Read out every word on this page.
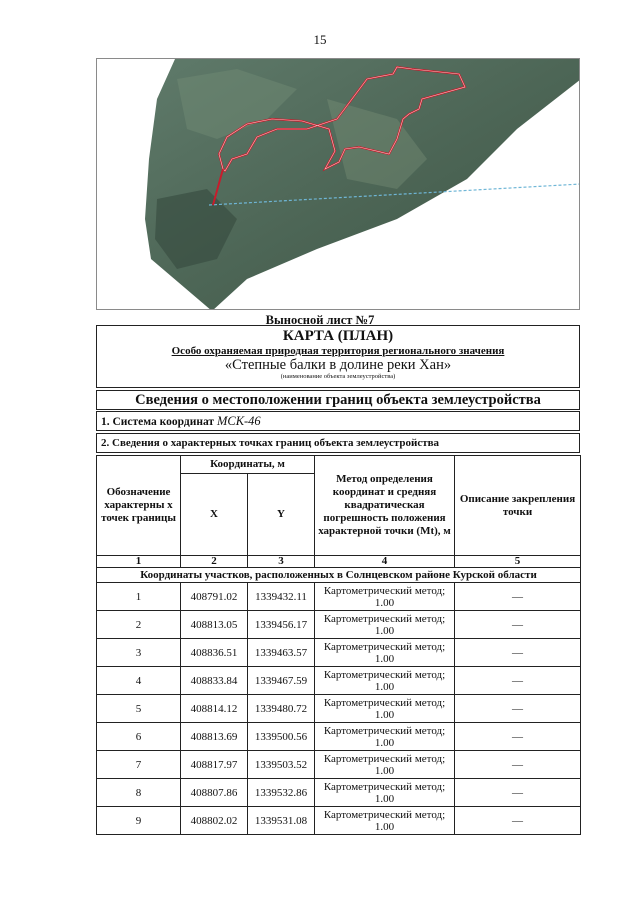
15
Выносной лист №7
КАРТА (ПЛАН)
Особо охраняемая природная территория регионального значения
«Степные балки в долине реки Хан»
(наименование объекта землеустройства)
Сведения о местоположении границ объекта землеустройства
1. Система координат МСК-46
2. Сведения о характерных точках границ объекта землеустройства
Обозначение характерны х точек границы	Координаты, м		Метод определения координат и средняя квадратическая погрешность положения характерной точки (Mt), м	Описание закрепления точки
	X	Y		
1	2	3	4	5
Координаты участков, расположенных в Солнцевском районе Курской области				
1	408791.02	1339432.11	Картометрический метод; 1.00	—
2	408813.05	1339456.17	Картометрический метод; 1.00	—
3	408836.51	1339463.57	Картометрический метод; 1.00	—
4	408833.84	1339467.59	Картометрический метод; 1.00	—
5	408814.12	1339480.72	Картометрический метод; 1.00	—
6	408813.69	1339500.56	Картометрический метод; 1.00	—
7	408817.97	1339503.52	Картометрический метод; 1.00	—
8	408807.86	1339532.86	Картометрический метод; 1.00	—
9	408802.02	1339531.08	Картометрический метод; 1.00	—
